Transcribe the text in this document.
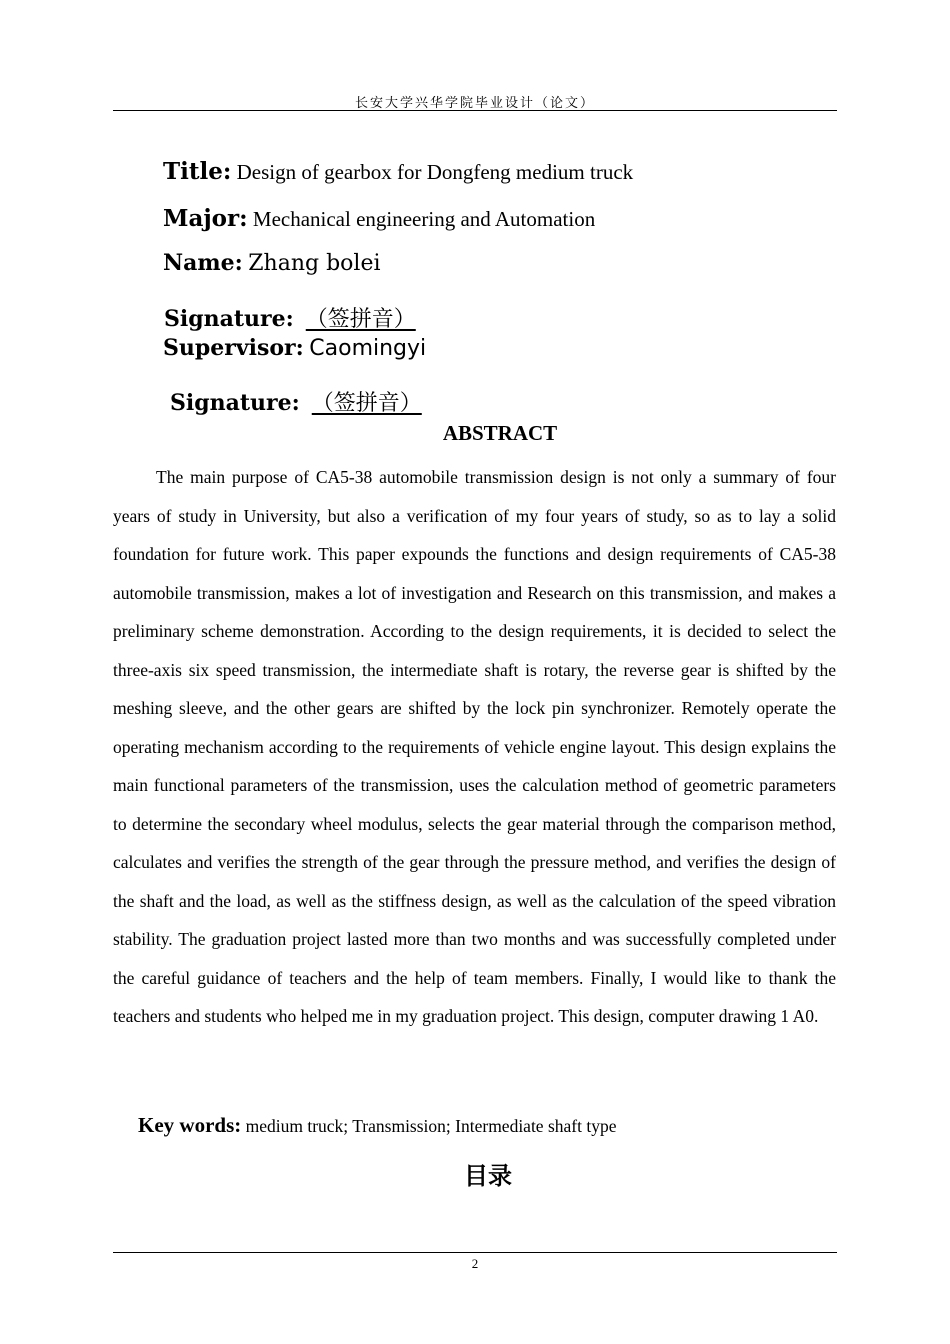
长安大学兴华学院毕业设计（论文）
Title: Design of gearbox for Dongfeng medium truck
Major: Mechanical engineering and Automation
Name: Zhang bolei
Signature: （签拼音）
Supervisor: Caomingyi
Signature: （签拼音）
ABSTRACT
The main purpose of CA5-38 automobile transmission design is not only a summary of four years of study in University, but also a verification of my four years of study, so as to lay a solid foundation for future work. This paper expounds the functions and design requirements of CA5-38 automobile transmission, makes a lot of investigation and Research on this transmission, and makes a preliminary scheme demonstration. According to the design requirements, it is decided to select the three-axis six speed transmission, the intermediate shaft is rotary, the reverse gear is shifted by the meshing sleeve, and the other gears are shifted by the lock pin synchronizer. Remotely operate the operating mechanism according to the requirements of vehicle engine layout. This design explains the main functional parameters of the transmission, uses the calculation method of geometric parameters to determine the secondary wheel modulus, selects the gear material through the comparison method, calculates and verifies the strength of the gear through the pressure method, and verifies the design of the shaft and the load, as well as the stiffness design, as well as the calculation of the speed vibration stability. The graduation project lasted more than two months and was successfully completed under the careful guidance of teachers and the help of team members. Finally, I would like to thank the teachers and students who helped me in my graduation project. This design, computer drawing 1 A0.
Key words: medium truck; Transmission; Intermediate shaft type
目录
2
